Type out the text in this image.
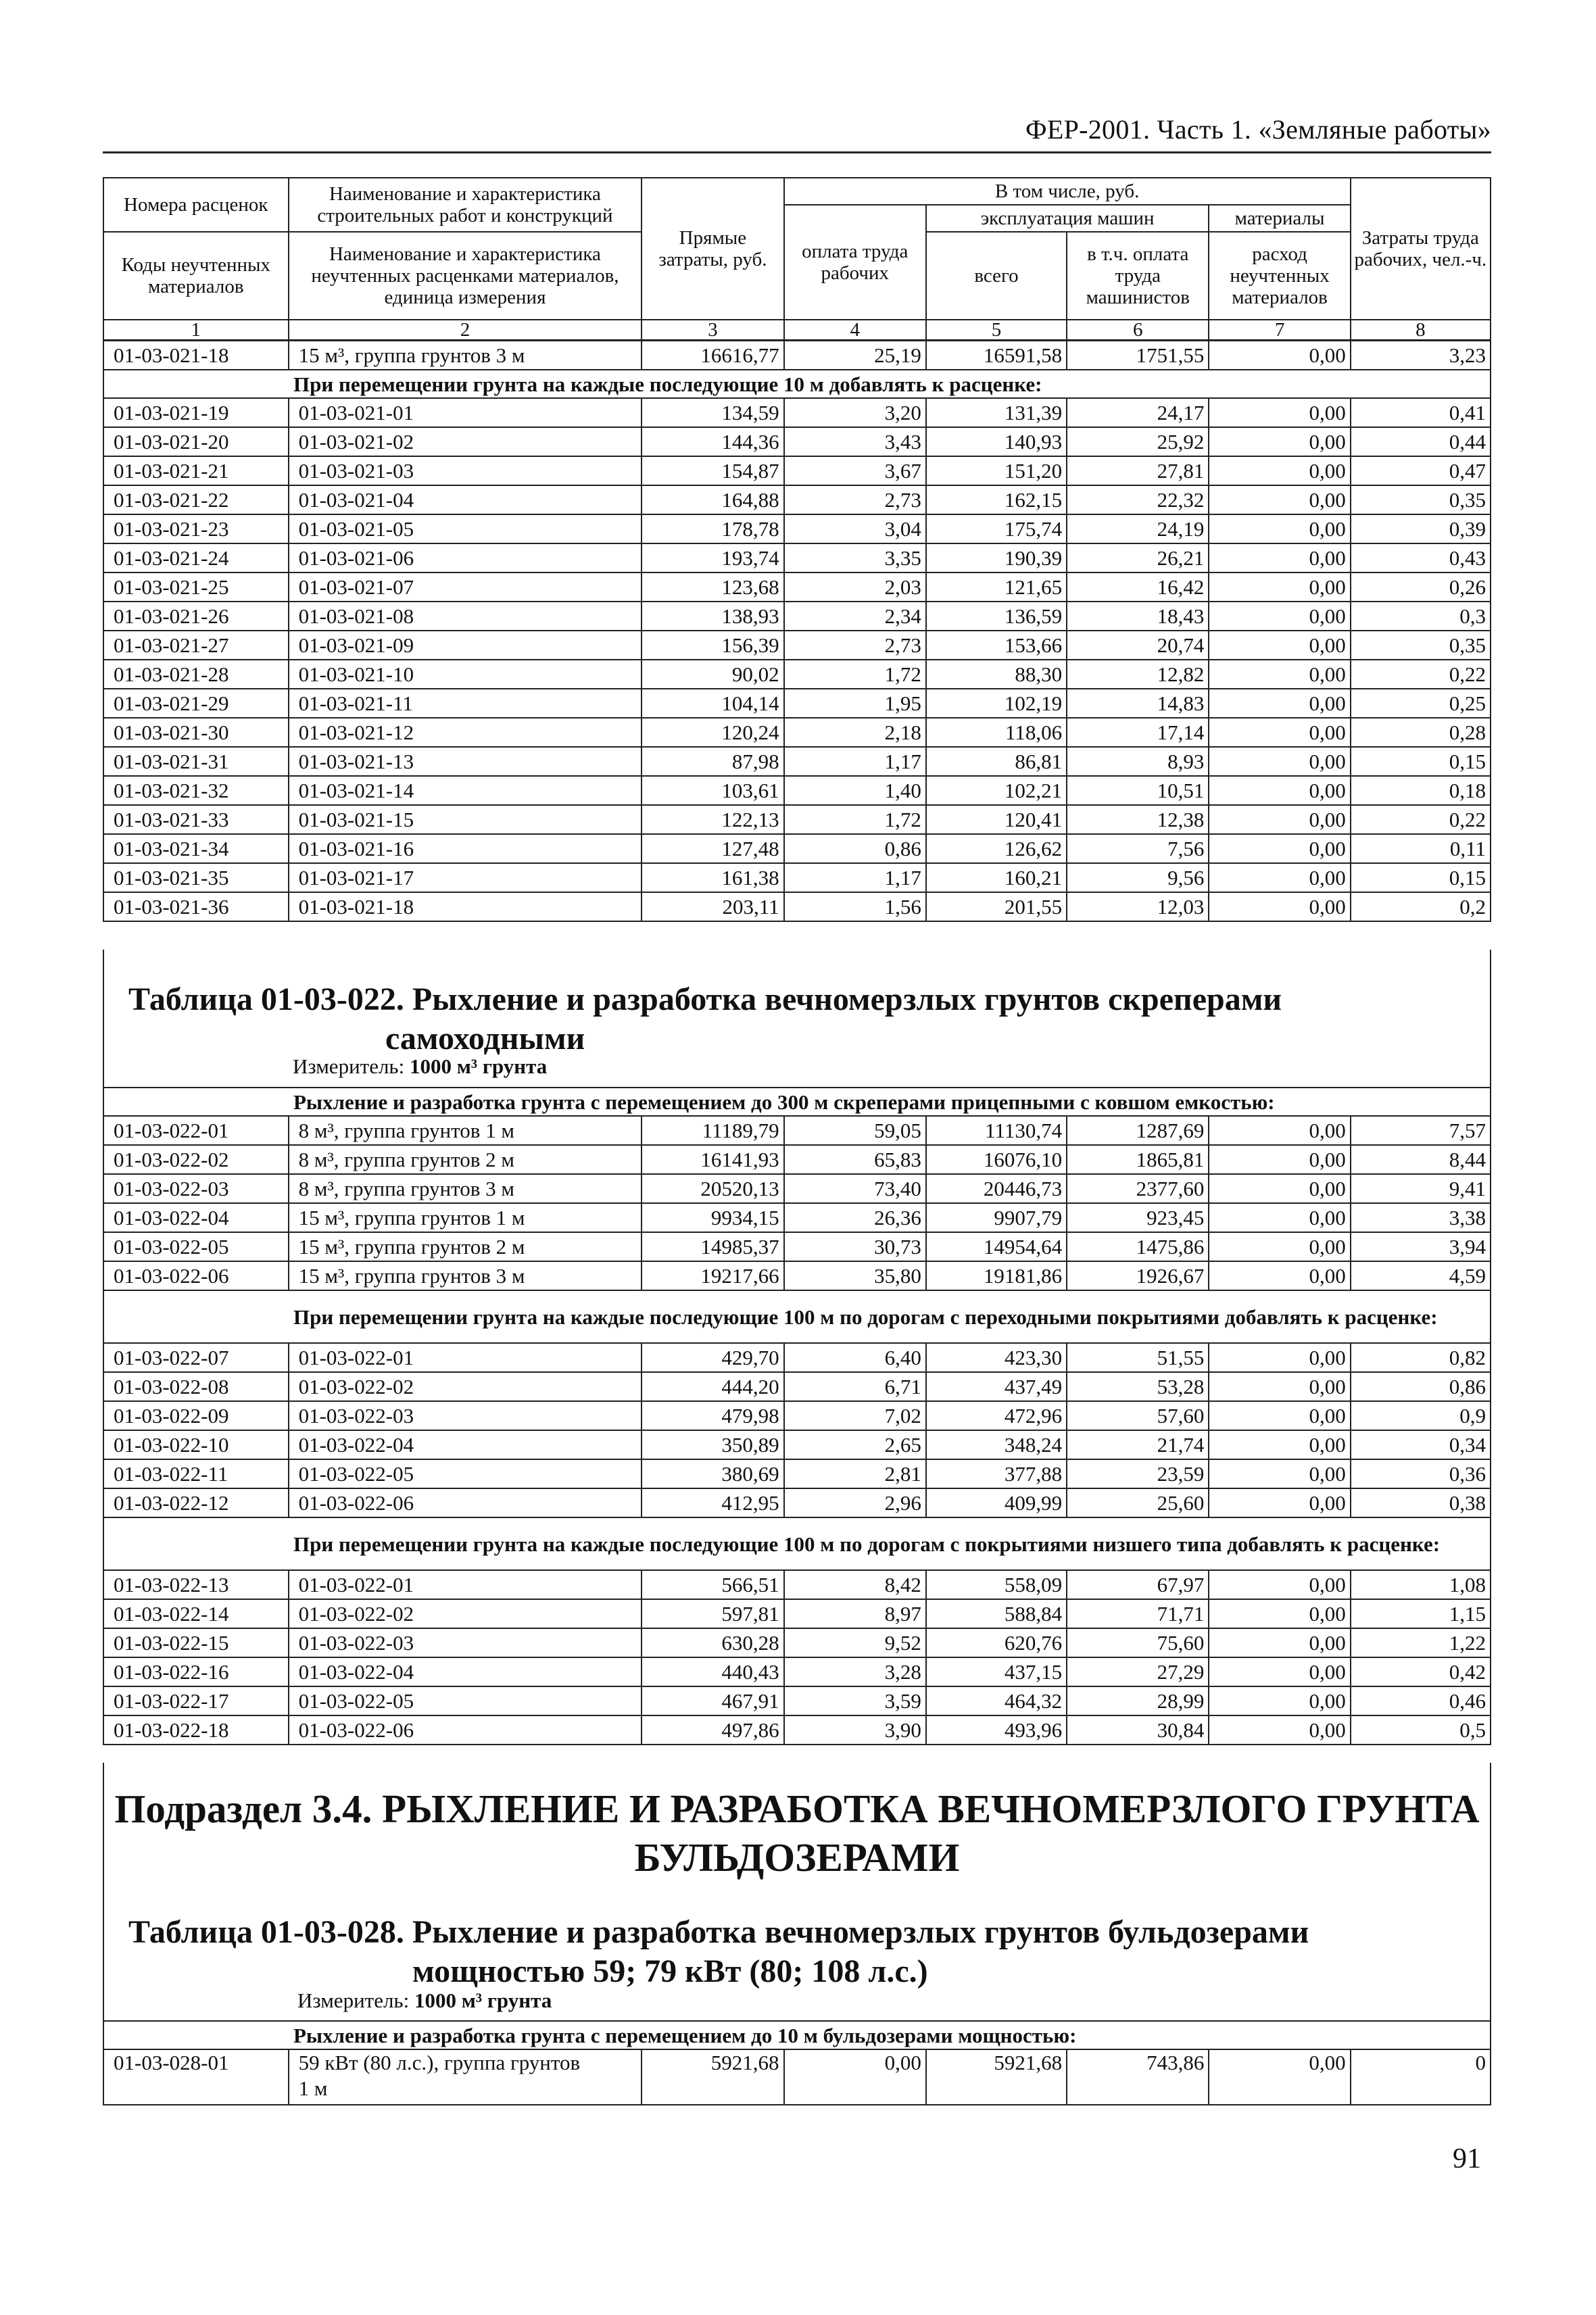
ФЕР-2001. Часть 1. «Земляные работы»
Номера расценок	Наименование и характеристика строительных работ и конструкций	Прямые затраты, руб.	В том числе, руб.				Затраты труда рабочих, чел.-ч.
			оплата труда рабочих	эксплуатация машин		материалы	
Коды неучтенных материалов	Наименование и характеристика неучтенных расценками материалов, единица измерения			всего	в т.ч. оплата труда машинистов	расход неучтенных материалов	

1	2	3	4	5	6	7	8
01-03-021-18	15 м³, группа грунтов 3 м	16616,77	25,19	16591,58	1751,55	0,00	3,23
При перемещении грунта на каждые последующие 10 м добавлять к расценке:							
01-03-021-19	01-03-021-01	134,59	3,20	131,39	24,17	0,00	0,41
01-03-021-20	01-03-021-02	144,36	3,43	140,93	25,92	0,00	0,44
01-03-021-21	01-03-021-03	154,87	3,67	151,20	27,81	0,00	0,47
01-03-021-22	01-03-021-04	164,88	2,73	162,15	22,32	0,00	0,35
01-03-021-23	01-03-021-05	178,78	3,04	175,74	24,19	0,00	0,39
01-03-021-24	01-03-021-06	193,74	3,35	190,39	26,21	0,00	0,43
01-03-021-25	01-03-021-07	123,68	2,03	121,65	16,42	0,00	0,26
01-03-021-26	01-03-021-08	138,93	2,34	136,59	18,43	0,00	0,3
01-03-021-27	01-03-021-09	156,39	2,73	153,66	20,74	0,00	0,35
01-03-021-28	01-03-021-10	90,02	1,72	88,30	12,82	0,00	0,22
01-03-021-29	01-03-021-11	104,14	1,95	102,19	14,83	0,00	0,25
01-03-021-30	01-03-021-12	120,24	2,18	118,06	17,14	0,00	0,28
01-03-021-31	01-03-021-13	87,98	1,17	86,81	8,93	0,00	0,15
01-03-021-32	01-03-021-14	103,61	1,40	102,21	10,51	0,00	0,18
01-03-021-33	01-03-021-15	122,13	1,72	120,41	12,38	0,00	0,22
01-03-021-34	01-03-021-16	127,48	0,86	126,62	7,56	0,00	0,11
01-03-021-35	01-03-021-17	161,38	1,17	160,21	9,56	0,00	0,15
01-03-021-36	01-03-021-18	203,11	1,56	201,55	12,03	0,00	0,2
Таблица 01-03-022. Рыхление и разработка вечномерзлых грунтов скреперами
самоходными
Измеритель: 1000 м³ грунта
Рыхление и разработка грунта с перемещением до 300 м скреперами прицепными с ковшом емкостью:							
01-03-022-01	8 м³, группа грунтов 1 м	11189,79	59,05	11130,74	1287,69	0,00	7,57
01-03-022-02	8 м³, группа грунтов 2 м	16141,93	65,83	16076,10	1865,81	0,00	8,44
01-03-022-03	8 м³, группа грунтов 3 м	20520,13	73,40	20446,73	2377,60	0,00	9,41
01-03-022-04	15 м³, группа грунтов 1 м	9934,15	26,36	9907,79	923,45	0,00	3,38
01-03-022-05	15 м³, группа грунтов 2 м	14985,37	30,73	14954,64	1475,86	0,00	3,94
01-03-022-06	15 м³, группа грунтов 3 м	19217,66	35,80	19181,86	1926,67	0,00	4,59
При перемещении грунта на каждые последующие 100 м по дорогам с переходными покрытиями добавлять к расценке:							
01-03-022-07	01-03-022-01	429,70	6,40	423,30	51,55	0,00	0,82
01-03-022-08	01-03-022-02	444,20	6,71	437,49	53,28	0,00	0,86
01-03-022-09	01-03-022-03	479,98	7,02	472,96	57,60	0,00	0,9
01-03-022-10	01-03-022-04	350,89	2,65	348,24	21,74	0,00	0,34
01-03-022-11	01-03-022-05	380,69	2,81	377,88	23,59	0,00	0,36
01-03-022-12	01-03-022-06	412,95	2,96	409,99	25,60	0,00	0,38
При перемещении грунта на каждые последующие 100 м по дорогам с покрытиями низшего типа добавлять к расценке:							
01-03-022-13	01-03-022-01	566,51	8,42	558,09	67,97	0,00	1,08
01-03-022-14	01-03-022-02	597,81	8,97	588,84	71,71	0,00	1,15
01-03-022-15	01-03-022-03	630,28	9,52	620,76	75,60	0,00	1,22
01-03-022-16	01-03-022-04	440,43	3,28	437,15	27,29	0,00	0,42
01-03-022-17	01-03-022-05	467,91	3,59	464,32	28,99	0,00	0,46
01-03-022-18	01-03-022-06	497,86	3,90	493,96	30,84	0,00	0,5
Подраздел 3.4. РЫХЛЕНИЕ И РАЗРАБОТКА ВЕЧНОМЕРЗЛОГО ГРУНТА
БУЛЬДОЗЕРАМИ
Таблица 01-03-028. Рыхление и разработка вечномерзлых грунтов бульдозерами
мощностью 59; 79 кВт (80; 108 л.с.)
Измеритель: 1000 м³ грунта
Рыхление и разработка грунта с перемещением до 10 м бульдозерами мощностью:
01-03-028-01	59 кВт (80 л.с.), группа грунтов
1 м	5921,68	0,00	5921,68	743,86	0,00	0
91
